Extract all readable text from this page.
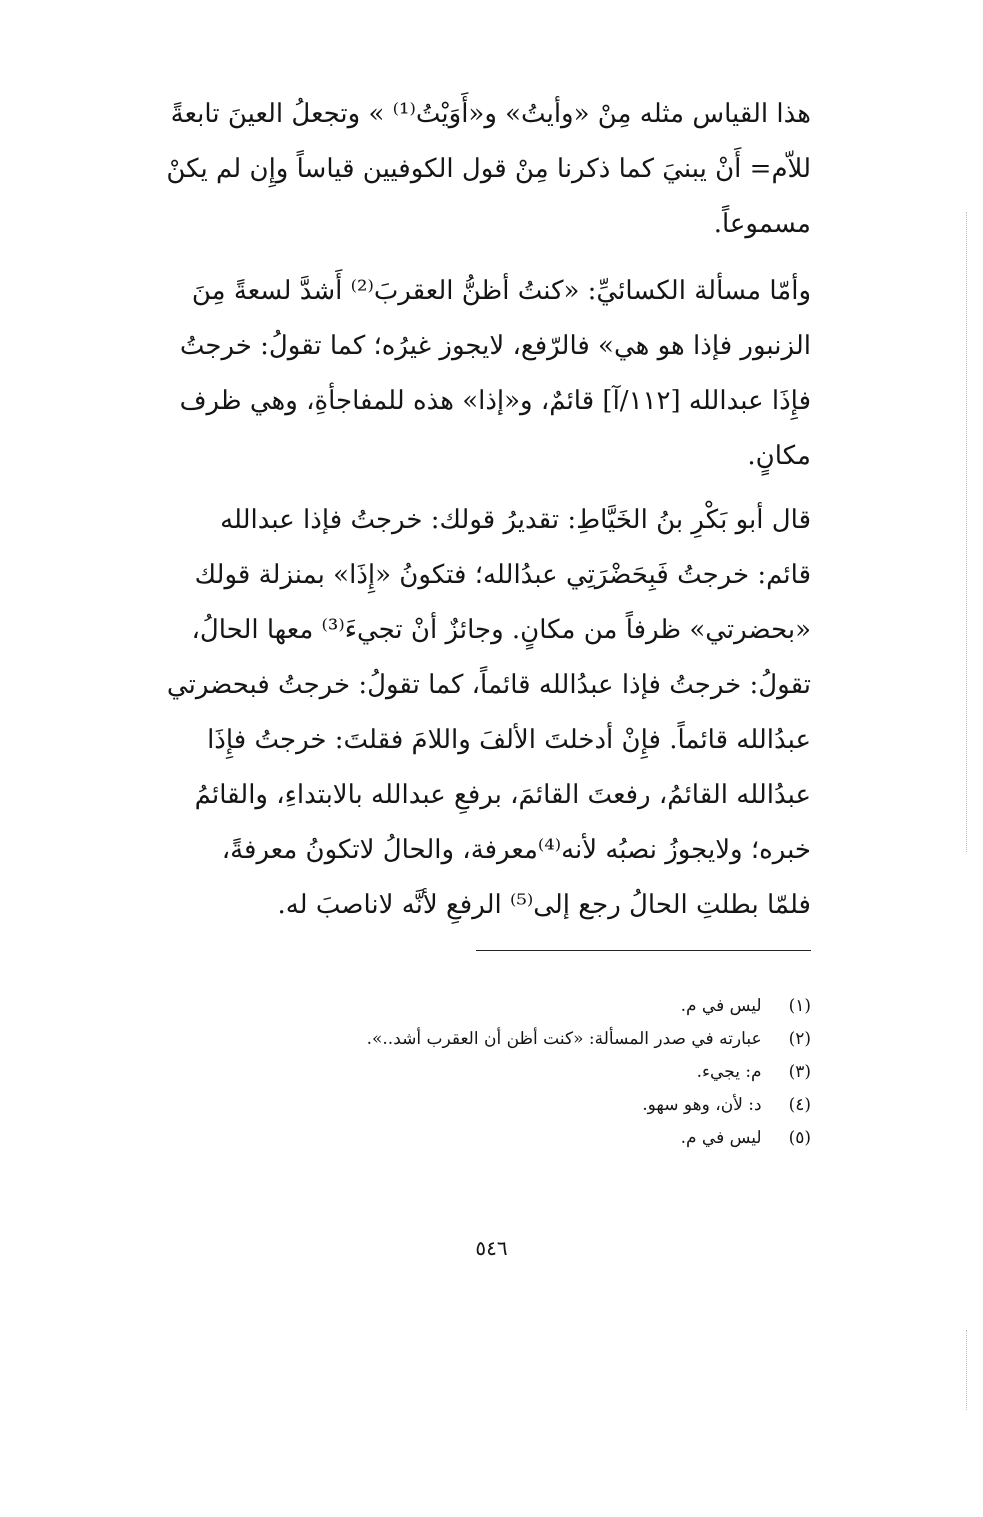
هذا القياس مثله مِنْ «وأيتُ» و«أَوَيْتُ⁽¹⁾ » وتجعلُ العينَ تابعةً
للاّم= أَنْ يبنيَ كما ذكرنا مِنْ قول الكوفيين قياساً وإِن لم يكنْ
مسموعاً.
وأمّا مسألة الكسائيِّ: «كنتُ أظنُّ العقربَ⁽²⁾ أَشدَّ لسعةً مِنَ
الزنبور فإذا هو هي» فالرّفع، لايجوز غيرُه؛ كما تقولُ: خرجتُ
فإِذَا عبدالله [١١٢/آ] قائمٌ، و«إذا» هذه للمفاجأةِ، وهي ظرف
مكانٍ.
قال أبو بَكْرِ بنُ الخَيَّاطِ: تقديرُ قولك: خرجتُ فإذا عبدالله
قائم: خرجتُ فَبِحَضْرَتِي عبدُالله؛ فتكونُ «إِذَا» بمنزلة قولك
«بحضرتي» ظرفاً من مكانٍ. وجائزٌ أنْ تجيءَ⁽³⁾ معها الحالُ،
تقولُ: خرجتُ فإذا عبدُالله قائماً، كما تقولُ: خرجتُ فبحضرتي
عبدُالله قائماً. فإِنْ أدخلتَ الألفَ واللامَ فقلتَ: خرجتُ فإِذَا
عبدُالله القائمُ، رفعتَ القائمَ، برفعِ عبدالله بالابتداءِ، والقائمُ
خبره؛ ولايجوزُ نصبُه لأنه⁽⁴⁾معرفة، والحالُ لاتكونُ معرفةً،
فلمّا بطلتِ الحالُ رجع إلى⁽⁵⁾ الرفعِ لأنَّه لاناصبَ له.
(١) ليس في م.
(٢) عبارته في صدر المسألة: «كنت أظن أن العقرب أشد..».
(٣) م: يجيء.
(٤) د: لأن، وهو سهو.
(٥) ليس في م.
٥٤٦
